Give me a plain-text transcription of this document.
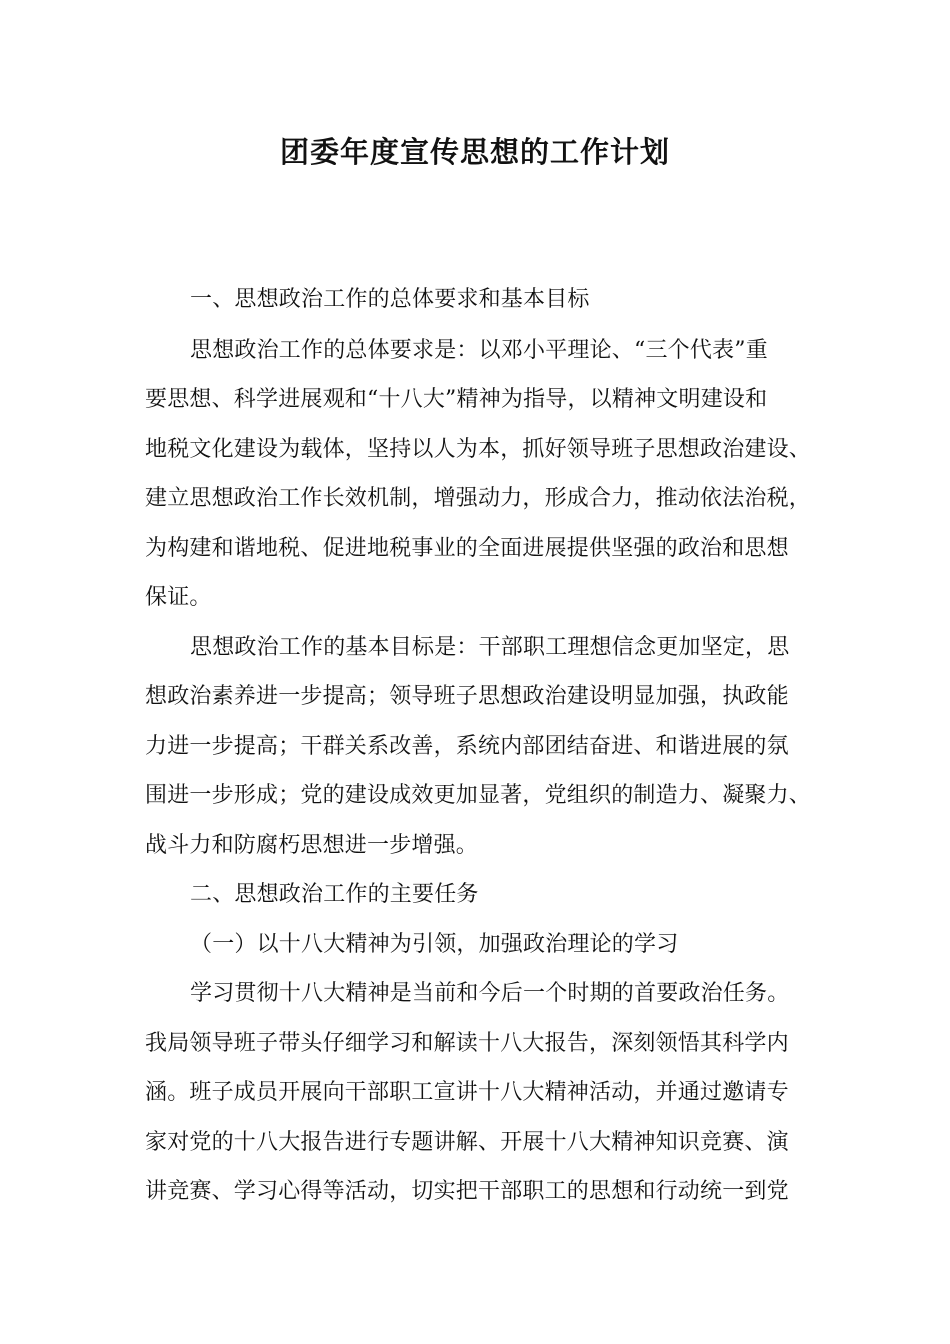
团委年度宣传思想的工作计划
一、思想政治工作的总体要求和基本目标
思想政治工作的总体要求是：以邓小平理论、“三个代表”重
要思想、科学进展观和“十八大”精神为指导，以精神文明建设和
地税文化建设为载体，坚持以人为本，抓好领导班子思想政治建设、
建立思想政治工作长效机制，增强动力，形成合力，推动依法治税，
为构建和谐地税、促进地税事业的全面进展提供坚强的政治和思想
保证。
思想政治工作的基本目标是：干部职工理想信念更加坚定，思
想政治素养进一步提高；领导班子思想政治建设明显加强，执政能
力进一步提高；干群关系改善，系统内部团结奋进、和谐进展的氛
围进一步形成；党的建设成效更加显著，党组织的制造力、凝聚力、
战斗力和防腐朽思想进一步增强。
二、思想政治工作的主要任务
（一）以十八大精神为引领，加强政治理论的学习
学习贯彻十八大精神是当前和今后一个时期的首要政治任务。
我局领导班子带头仔细学习和解读十八大报告，深刻领悟其科学内
涵。班子成员开展向干部职工宣讲十八大精神活动，并通过邀请专
家对党的十八大报告进行专题讲解、开展十八大精神知识竞赛、演
讲竞赛、学习心得等活动，切实把干部职工的思想和行动统一到党
